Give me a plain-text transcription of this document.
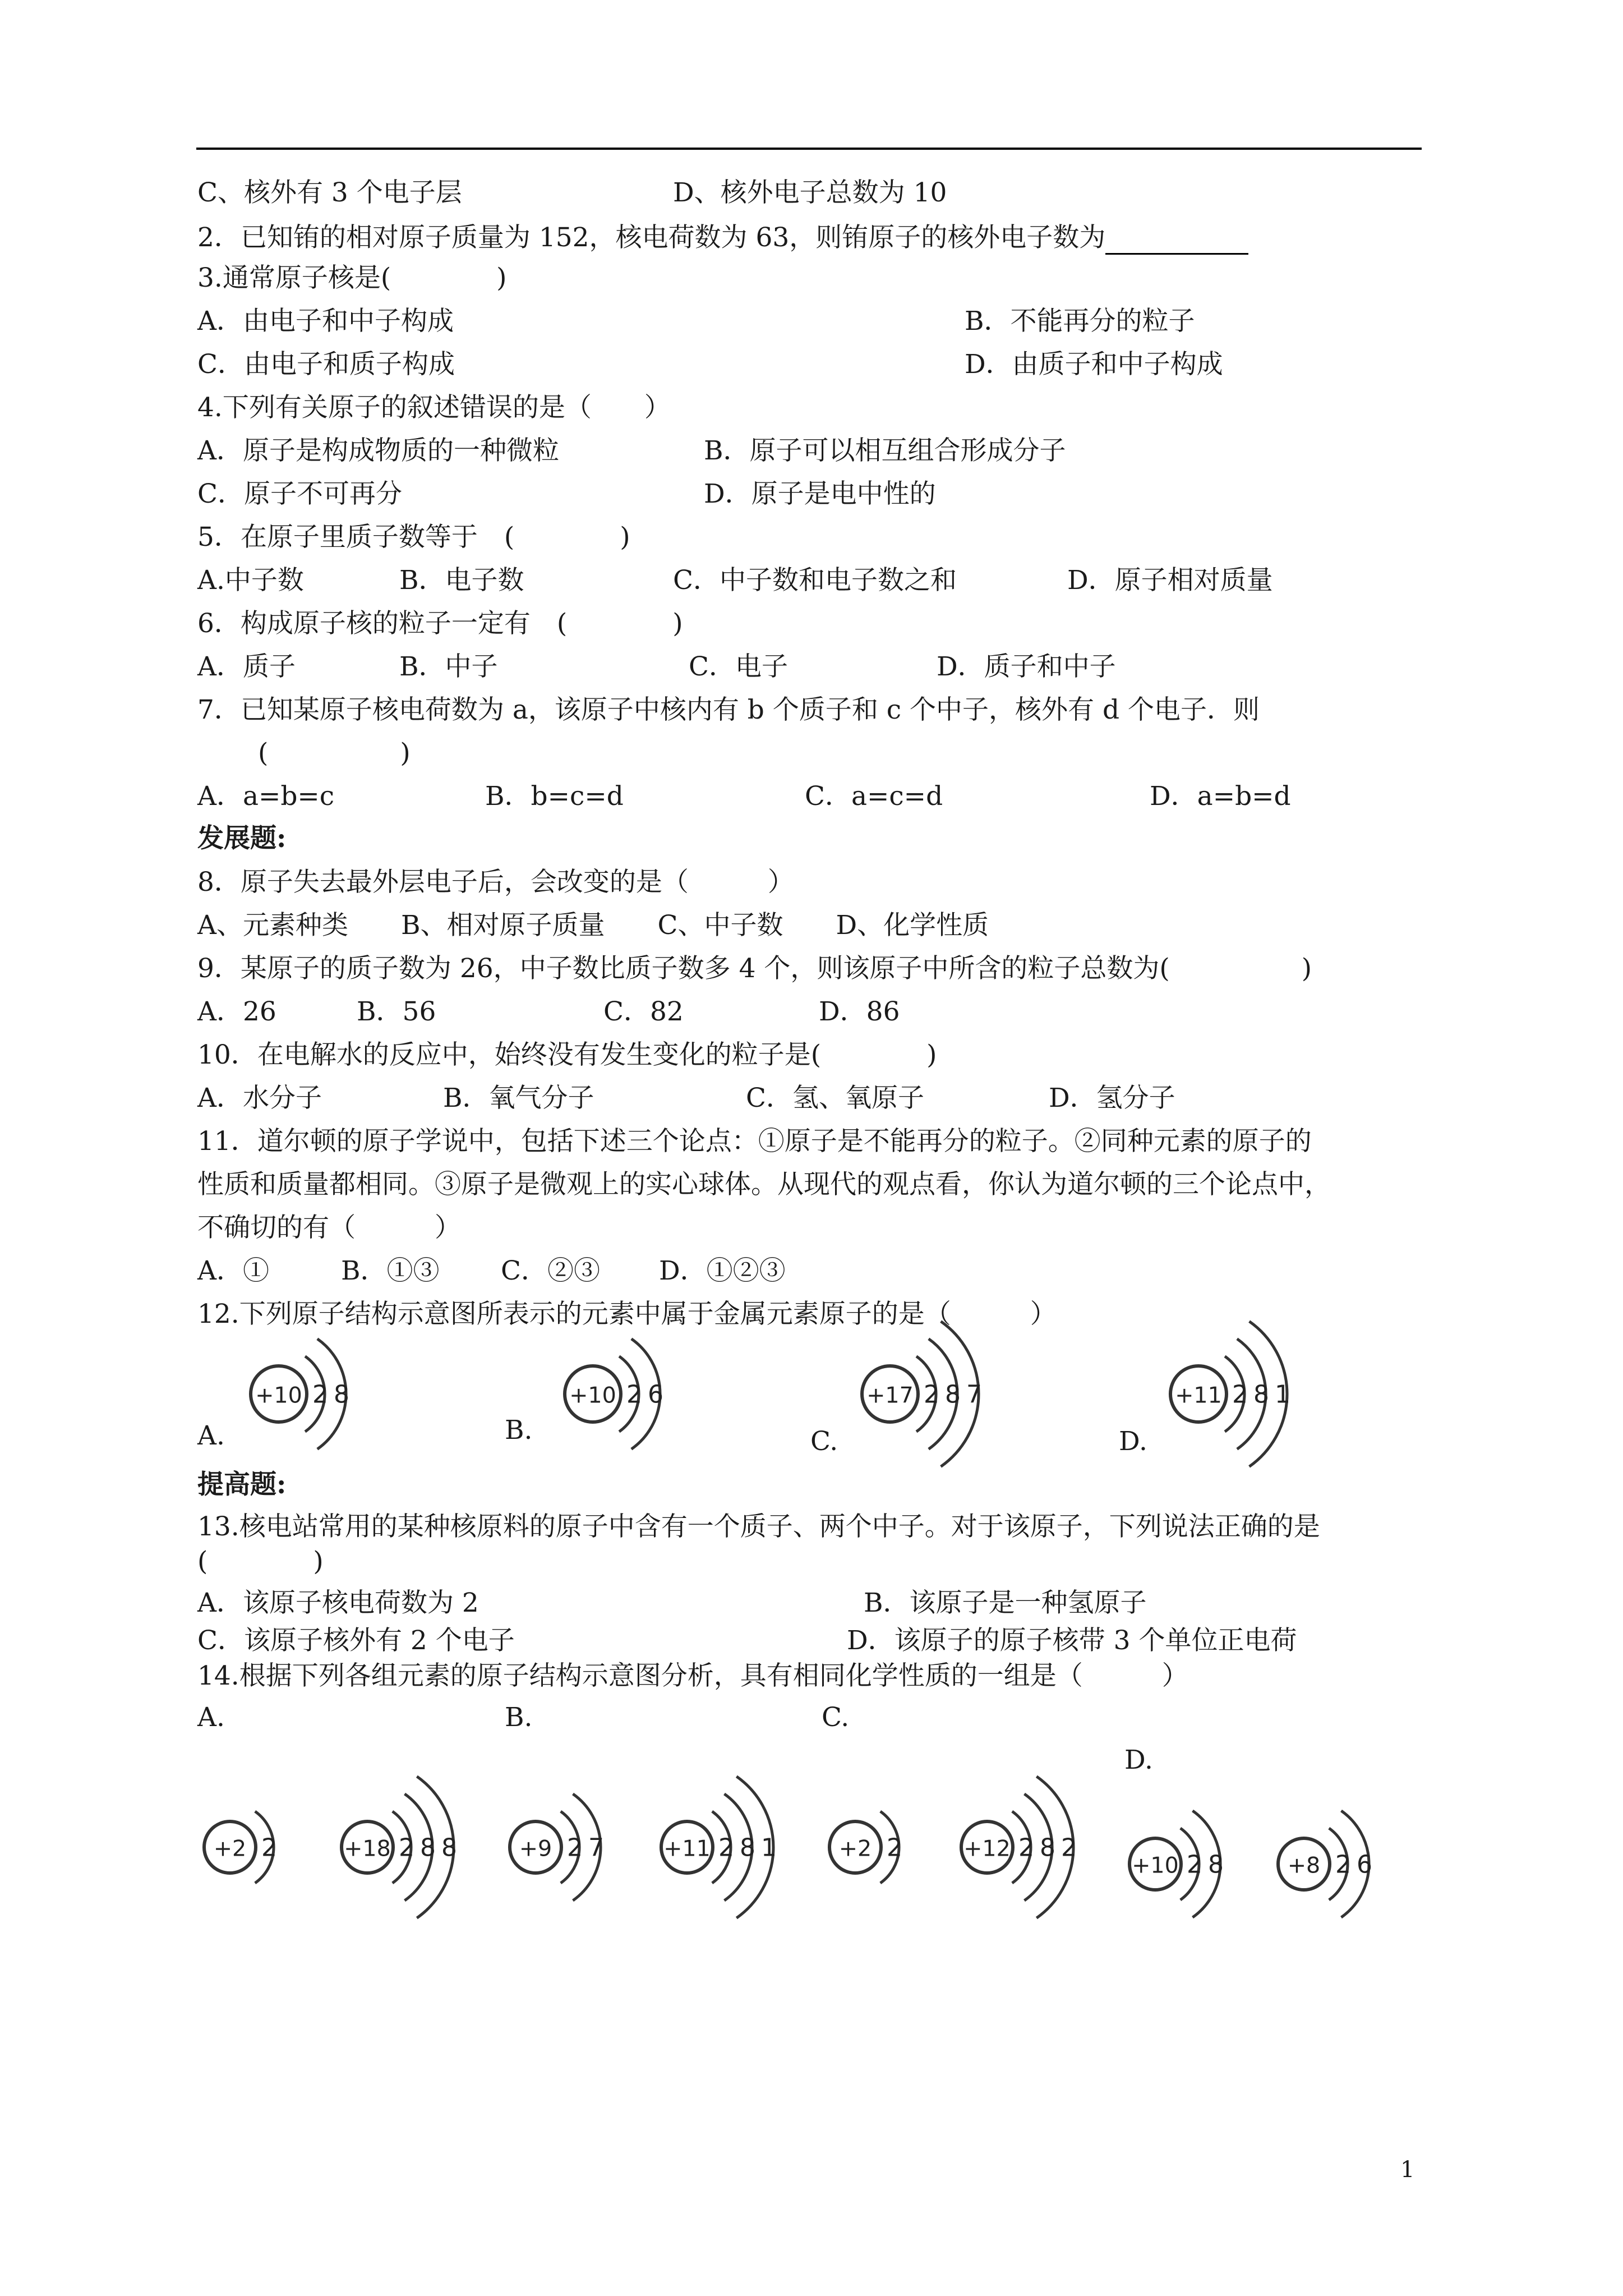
C、核外有 3 个电子层	D、核外电子总数为 10
2．已知铕的相对原子质量为 152，核电荷数为 63，则铕原子的核外电子数为
3.通常原子核是(　　　　)
A．由电子和中子构成	B．不能再分的粒子
C．由电子和质子构成	D．由质子和中子构成
4.下列有关原子的叙述错误的是（　　）
A．原子是构成物质的一种微粒	B．原子可以相互组合形成分子
C．原子不可再分	D．原子是电中性的
5．在原子里质子数等于　(　　　　)
A.中子数	B．电子数	C．中子数和电子数之和	D．原子相对质量
6．构成原子核的粒子一定有　(　　　　)
A．质子	B．中子	C．电子	D．质子和中子
7．已知某原子核电荷数为 a，该原子中核内有 b 个质子和 c 个中子，核外有 d 个电子．则
(　　　　　)
A．a=b=c	B．b=c=d	C．a=c=d	D．a=b=d
发展题:
8．原子失去最外层电子后，会改变的是（　　　）
A、元素种类　　B、相对原子质量　　C、中子数　　D、化学性质
9．某原子的质子数为 26，中子数比质子数多 4 个，则该原子中所含的粒子总数为(　　　　　)
A．26	B．56	C．82	D．86
10．在电解水的反应中，始终没有发生变化的粒子是(　　　　)
A．水分子	B．氧气分子	C．氢、氧原子	D．氢分子
11．道尔顿的原子学说中，包括下述三个论点：①原子是不能再分的粒子。②同种元素的原子的
性质和质量都相同。③原子是微观上的实心球体。从现代的观点看，你认为道尔顿的三个论点中，
不确切的有（　　　）
A．①	B．①③ C．②③ D．①②③
12.下列原子结构示意图所表示的元素中属于金属元素原子的是（　　　）
A.	B.	C.	D.
+10 2 8	+10 2 6	+17 2 8 7	+11 2 8 1
提高题:
13.核电站常用的某种核原料的原子中含有一个质子、两个中子。对于该原子，下列说法正确的是
(　　　　)
A．该原子核电荷数为 2	B．该原子是一种氢原子
C．该原子核外有 2 个电子	D．该原子的原子核带 3 个单位正电荷
14.根据下列各组元素的原子结构示意图分析，具有相同化学性质的一组是（　　　）
A.	B.	C.
D.
+2 2	+18 2 8 8	+9 2 7	+11 2 8 1	+2 2	+12 2 8 2
+10 2 8	+8 2 6
1
